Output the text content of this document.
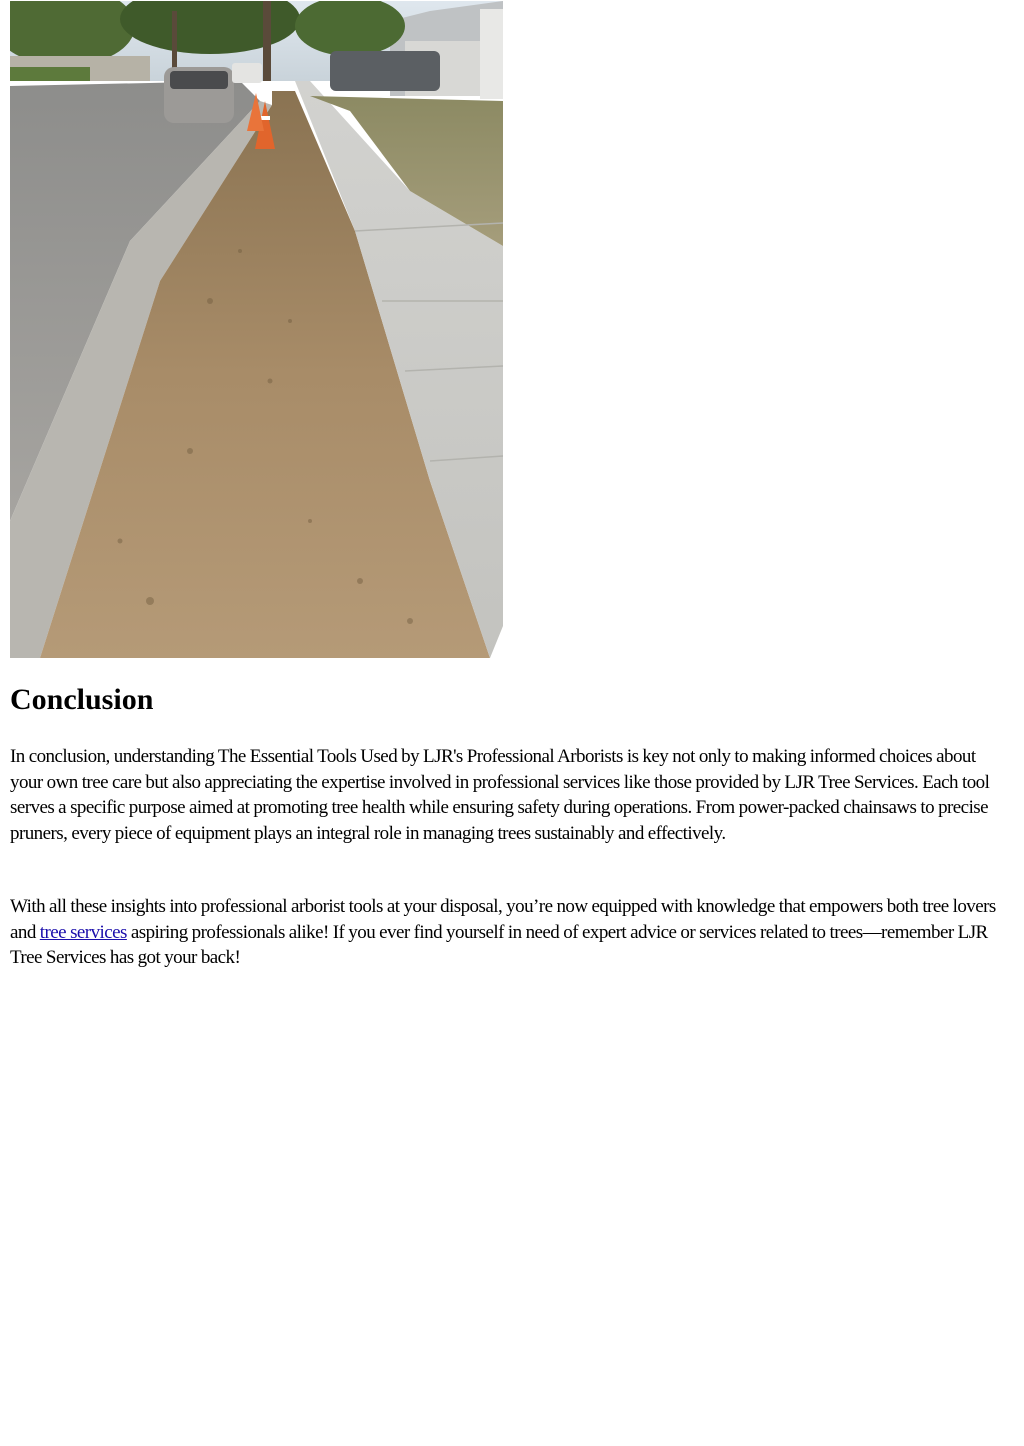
Conclusion

In conclusion, understanding The Essential Tools Used by LJR's Professional Arborists is key not only to making informed choices about your own tree care but also appreciating the expertise involved in professional services like those provided by LJR Tree Services. Each tool serves a specific purpose aimed at promoting tree health while ensuring safety during operations. From power-packed chainsaws to precise pruners, every piece of equipment plays an integral role in managing trees sustainably and effectively.

With all these insights into professional arborist tools at your disposal, you’re now equipped with knowledge that empowers both tree lovers and tree services aspiring professionals alike! If you ever find yourself in need of expert advice or services related to trees—remember LJR Tree Services has got your back!
